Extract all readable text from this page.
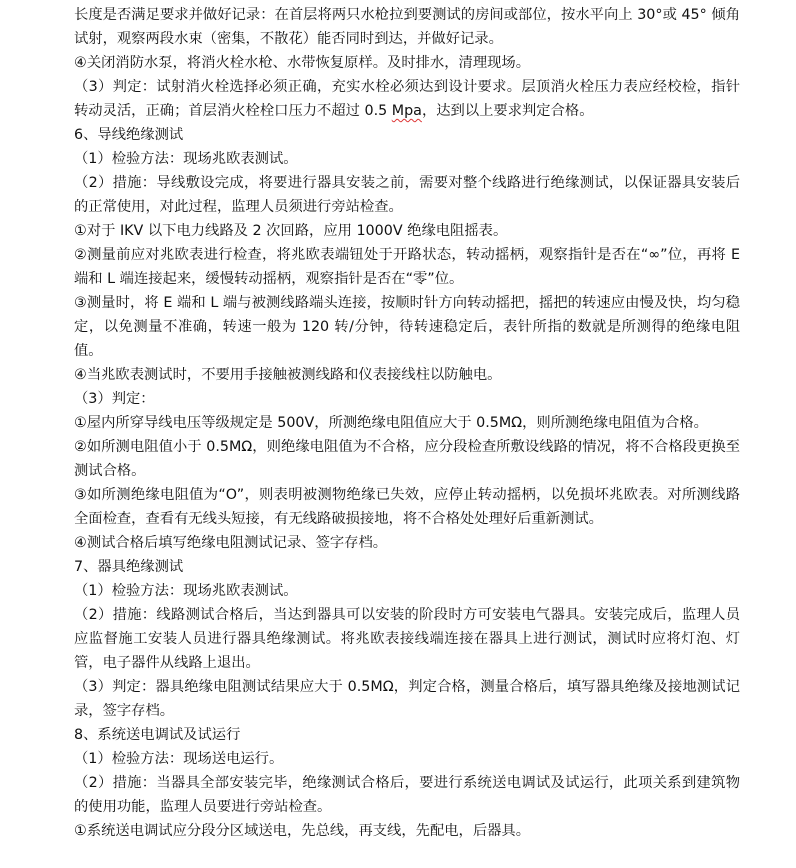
长度是否满足要求并做好记录：在首层将两只水枪拉到要测试的房间或部位，按水平向上 30°或 45° 倾角试射，观察两段水束（密集，不散花）能否同时到达，并做好记录。

④关闭消防水泵，将消火栓水枪、水带恢复原样。及时排水，清理现场。

（3）判定：试射消火栓选择必须正确，充实水栓必须达到设计要求。层顶消火栓压力表应经校检，指针转动灵活，正确；首层消火栓栓口压力不超过 0.5 Mpa，达到以上要求判定合格。

6、导线绝缘测试

（1）检验方法：现场兆欧表测试。

（2）措施：导线敷设完成，将要进行器具安装之前，需要对整个线路进行绝缘测试，以保证器具安装后的正常使用，对此过程，监理人员须进行旁站检查。

①对于 IKV 以下电力线路及 2 次回路，应用 1000V 绝缘电阻摇表。

②测量前应对兆欧表进行检查，将兆欧表端钮处于开路状态，转动摇柄，观察指针是否在“∞”位，再将 E 端和 L 端连接起来，缓慢转动摇柄，观察指针是否在“零”位。

③测量时，将 E 端和 L 端与被测线路端头连接，按顺时针方向转动摇把，摇把的转速应由慢及快，均匀稳定，以免测量不准确，转速一般为 120 转/分钟，待转速稳定后，表针所指的数就是所测得的绝缘电阻值。

④当兆欧表测试时，不要用手接触被测线路和仪表接线柱以防触电。

（3）判定：

①屋内所穿导线电压等级规定是 500V，所测绝缘电阻值应大于 0.5MΩ，则所测绝缘电阻值为合格。

②如所测电阻值小于 0.5MΩ，则绝缘电阻值为不合格，应分段检查所敷设线路的情况，将不合格段更换至测试合格。

③如所测绝缘电阻值为“O”，则表明被测物绝缘已失效，应停止转动摇柄，以免损坏兆欧表。对所测线路全面检查，查看有无线头短接，有无线路破损接地，将不合格处处理好后重新测试。

④测试合格后填写绝缘电阻测试记录、签字存档。

7、器具绝缘测试

（1）检验方法：现场兆欧表测试。

（2）措施：线路测试合格后，当达到器具可以安装的阶段时方可安装电气器具。安装完成后，监理人员应监督施工安装人员进行器具绝缘测试。将兆欧表接线端连接在器具上进行测试，测试时应将灯泡、灯管，电子器件从线路上退出。

（3）判定：器具绝缘电阻测试结果应大于 0.5MΩ，判定合格，测量合格后，填写器具绝缘及接地测试记录，签字存档。

8、系统送电调试及试运行

（1）检验方法：现场送电运行。

（2）措施：当器具全部安装完毕，绝缘测试合格后，要进行系统送电调试及试运行，此项关系到建筑物的使用功能，监理人员要进行旁站检查。

①系统送电调试应分段分区域送电，先总线，再支线，先配电，后器具。
